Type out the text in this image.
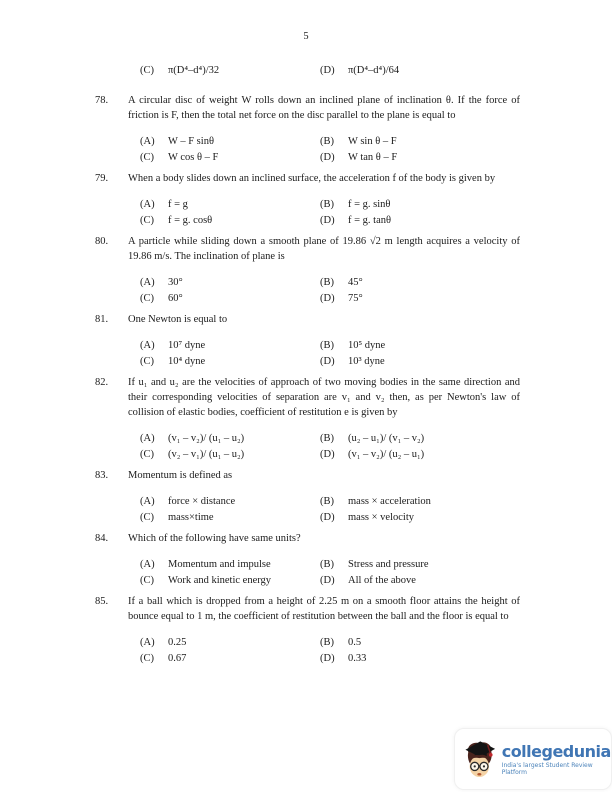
5
(C) π(D⁴–d⁴)/32	(D) π(D⁴–d⁴)/64
78.	A circular disc of weight W rolls down an inclined plane of inclination θ. If the force of friction is F, then the total net force on the disc parallel to the plane is equal to
(A) W – F sinθ	(B) W sin θ – F
(C) W cos θ – F	(D) W tan θ – F
79.	When a body slides down an inclined surface, the acceleration f of the body is given by
(A) f = g	(B) f = g. sinθ
(C) f = g. cosθ	(D) f = g. tanθ
80.	A particle while sliding down a smooth plane of 19.86 √2 m length acquires a velocity of 19.86 m/s. The inclination of plane is
(A) 30°	(B) 45°
(C) 60°	(D) 75°
81.	One Newton is equal to
(A) 10⁷ dyne	(B) 10⁵ dyne
(C) 10⁴ dyne	(D) 10³ dyne
82.	If u₁ and u₂ are the velocities of approach of two moving bodies in the same direction and their corresponding velocities of separation are v₁ and v₂ then, as per Newton's law of collision of elastic bodies, coefficient of restitution e is given by
(A) (v₁ – v₂)/ (u₁ – u₂)	(B) (u₂ – u₁)/ (v₁ – v₂)
(C) (v₂ – v₁)/ (u₁ – u₂)	(D) (v₁ – v₂)/ (u₂ – u₁)
83.	Momentum is defined as
(A) force × distance	(B) mass × acceleration
(C) mass×time	(D) mass × velocity
84.	Which of the following have same units?
(A) Momentum and impulse	(B) Stress and pressure
(C) Work and kinetic energy	(D) All of the above
85.	If a ball which is dropped from a height of 2.25 m on a smooth floor attains the height of bounce equal to 1 m, the coefficient of restitution between the ball and the floor is equal to
(A) 0.25	(B) 0.5
(C) 0.67	(D) 0.33
collegedunia
India's largest Student Review Platform
